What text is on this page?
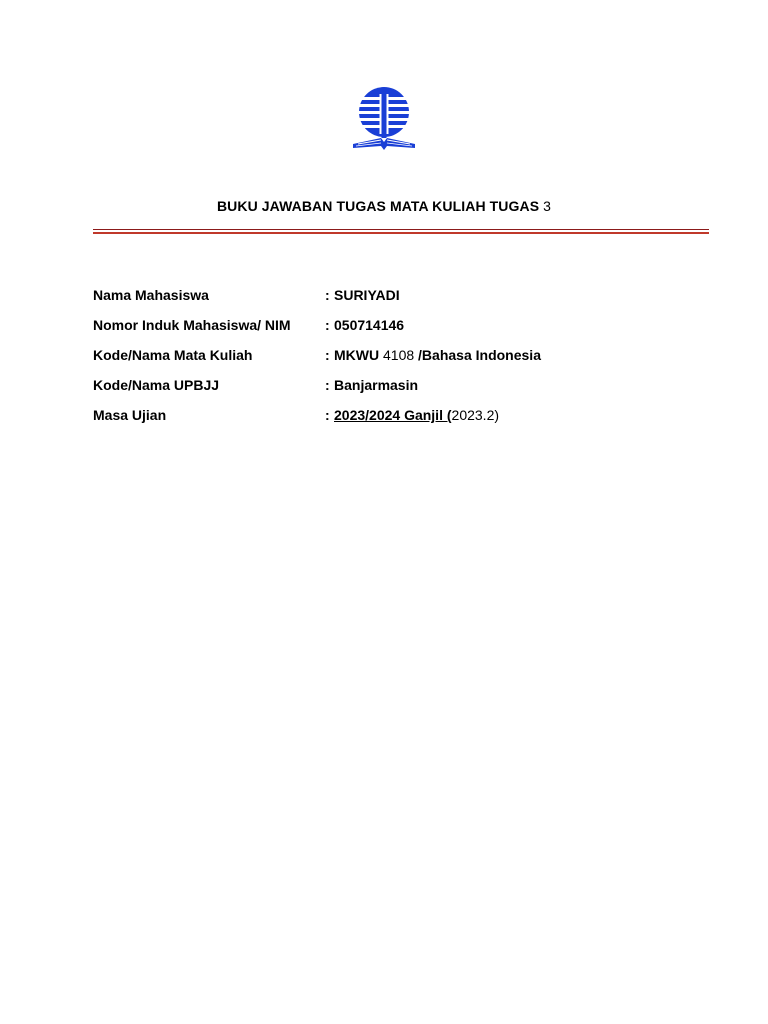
BUKU JAWABAN TUGAS MATA KULIAH TUGAS 3
Nama Mahasiswa	: SURIYADI
Nomor Induk Mahasiswa/ NIM	: 050714146
Kode/Nama Mata Kuliah	: MKWU 4108 /Bahasa Indonesia
Kode/Nama UPBJJ	: Banjarmasin
Masa Ujian	: 2023/2024 Ganjil (2023.2)
